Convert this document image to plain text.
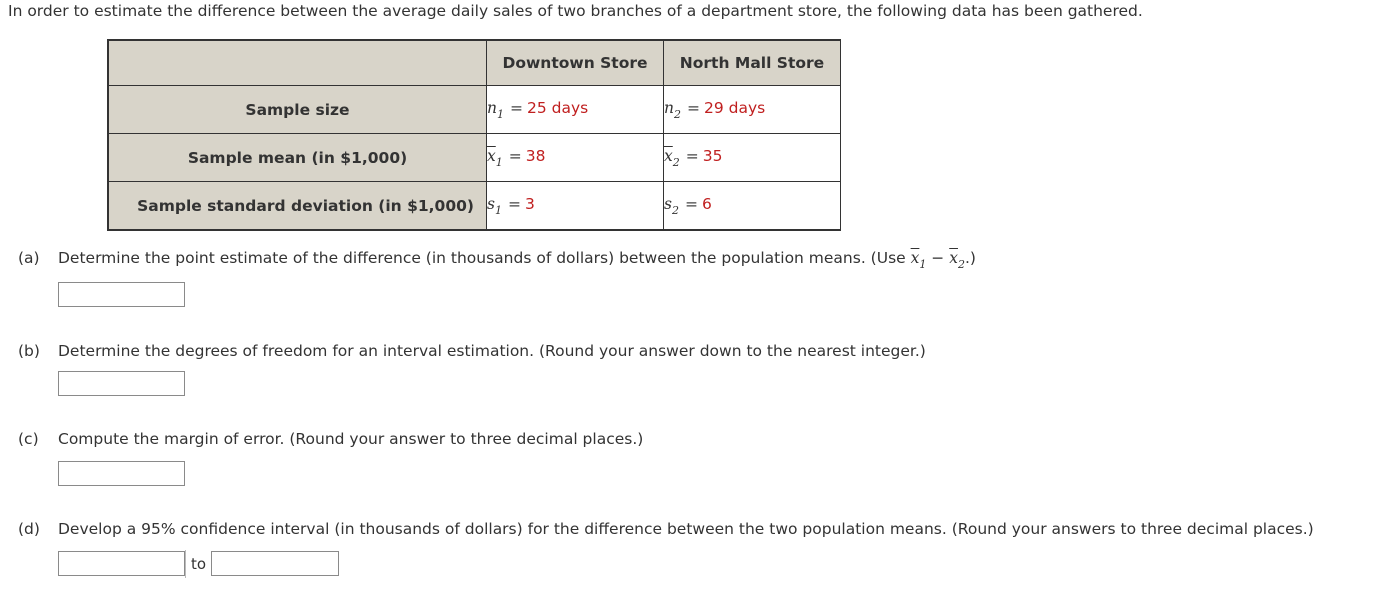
In order to estimate the difference between the average daily sales of two branches of a department store, the following data has been gathered.
	Downtown Store	North Mall Store
Sample size	$n_1 = 25$ days	$n_2 = 29$ days
Sample mean (in $1,000)	$\overline{x}_1 = 38$	$\overline{x}_2 = 35$
Sample standard deviation (in $1,000)	$s_1 = 3$	$s_2 = 6$
(a) Determine the point estimate of the difference (in thousands of dollars) between the population means. (Use $\overline{x}_1 - \overline{x}_2$.)
(b) Determine the degrees of freedom for an interval estimation. (Round your answer down to the nearest integer.)
(c) Compute the margin of error. (Round your answer to three decimal places.)
(d) Develop a 95% confidence interval (in thousands of dollars) for the difference between the two population means. (Round your answers to three decimal places.)
to
